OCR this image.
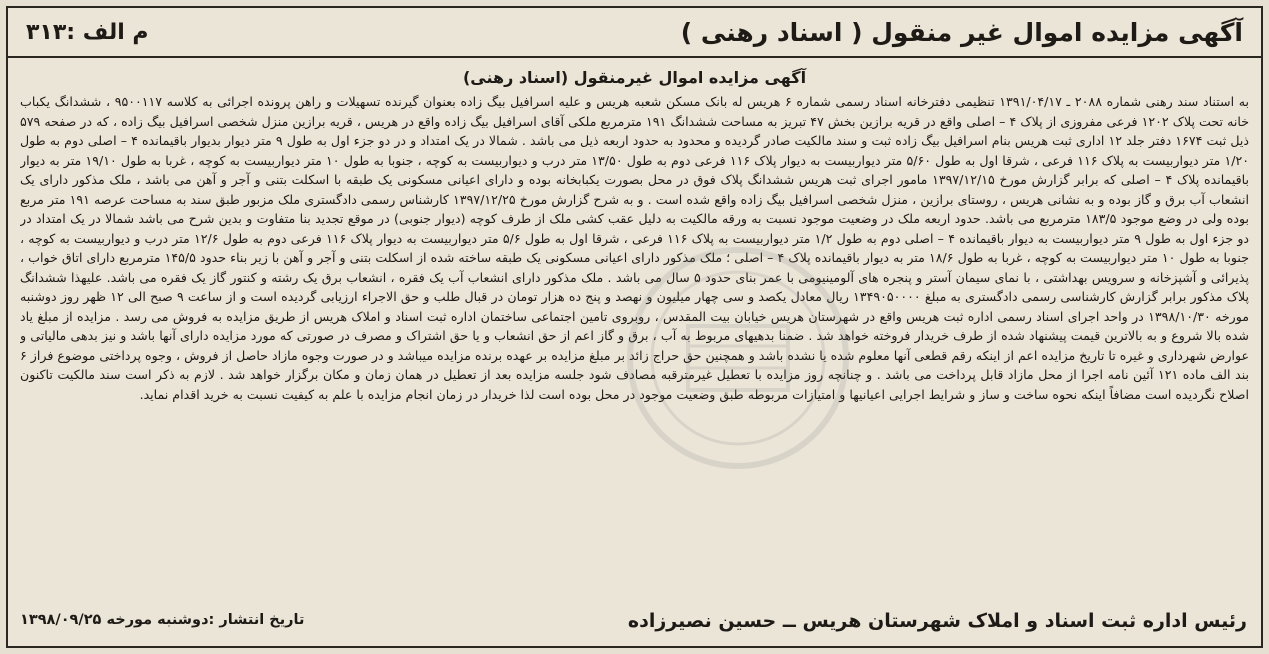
آگهی مزایده اموال غیر منقول ( اسناد رهنی )
م الف :۳۱۳
آگهی مزایده اموال غیرمنقول (اسناد رهنی)
به استناد سند رهنی شماره ۲۰۸۸ ـ ۱۳۹۱/۰۴/۱۷ تنظیمی دفترخانه اسناد رسمی شماره ۶ هریس له بانک مسکن شعبه هریس و علیه اسرافیل بیگ زاده بعنوان گیرنده تسهیلات و راهن پرونده اجرائی به کلاسه ۹۵۰۰۱۱۷ ، ششدانگ یکباب خانه تحت پلاک ۱۲۰۲ فرعی مفروزی از پلاک ۴ – اصلی واقع در قریه برازین بخش ۴۷ تبریز به مساحت ششدانگ ۱۹۱ مترمربع ملکی آقای اسرافیل بیگ زاده واقع در هریس ، قریه برازین منزل شخصی اسرافیل بیگ زاده ، که در صفحه ۵۷۹ ذیل ثبت ۱۶۷۴ دفتر جلد ۱۲ اداری ثبت هریس بنام اسرافیل بیگ زاده ثبت و سند مالکیت صادر گردیده و محدود به حدود اربعه ذیل می باشد . شمالا در یک امتداد و در دو جزء اول به طول ۹ متر دیوار بدیوار باقیمانده ۴ – اصلی دوم به طول ۱/۲۰ متر دیواربیست به پلاک ۱۱۶ فرعی ، شرقا اول به طول ۵/۶۰ متر دیواربیست به دیوار پلاک ۱۱۶ فرعی دوم به طول ۱۳/۵۰ متر درب و دیواربیست به کوچه ، جنوبا به طول ۱۰ متر دیواربیست به کوچه ، غربا به طول ۱۹/۱۰ متر به دیوار باقیمانده پلاک ۴ – اصلی که برابر گزارش مورخ ۱۳۹۷/۱۲/۱۵ مامور اجرای ثبت هریس ششدانگ پلاک فوق در محل بصورت یکبابخانه بوده و دارای اعیانی مسکونی یک طبقه با اسکلت بتنی و آجر و آهن می باشد ، ملک مذکور دارای یک انشعاب آب برق و گاز بوده و به نشانی هریس ، روستای برازین ، منزل شخصی اسرافیل بیگ زاده واقع شده است . و به شرح گزارش مورخ ۱۳۹۷/۱۲/۲۵ کارشناس رسمی دادگستری ملک مزبور طبق سند به مساحت عرصه ۱۹۱ متر مربع بوده ولی در وضع موجود ۱۸۳/۵ مترمربع می باشد. حدود اربعه ملک در وضعیت موجود نسبت به ورقه مالکیت به دلیل عقب کشی ملک از طرف کوچه (دیوار جنوبی) در موقع تجدید بنا متفاوت و بدین شرح می باشد شمالا در یک امتداد در دو جزء اول به طول ۹ متر دیواربیست به دیوار باقیمانده ۴ – اصلی دوم به طول ۱/۲ متر دیواربیست به پلاک ۱۱۶ فرعی ، شرقا اول به طول ۵/۶ متر دیواربیست به دیوار پلاک ۱۱۶ فرعی دوم به طول ۱۲/۶ متر درب و دیواربیست به کوچه ، جنوبا به طول ۱۰ متر دیواربیست به کوچه ، غربا به طول ۱۸/۶ متر به دیوار باقیمانده پلاک ۴ – اصلی ؛ ملک مذکور دارای اعیانی مسکونی یک طبقه ساخته شده از اسکلت بتنی و آجر و آهن با زیر بناء حدود ۱۴۵/۵ مترمربع دارای اتاق خواب ، پذیرائی و آشپزخانه و سرویس بهداشتی ، با نمای سیمان آستر و پنجره های آلومینیومی با عمر بنای حدود ۵ سال می باشد . ملک مذکور دارای انشعاب آب یک فقره ، انشعاب برق یک رشته و کنتور گاز یک فقره می باشد. علیهذا ششدانگ پلاک مذکور برابر گزارش کارشناسی رسمی دادگستری به مبلغ ۱۳۴۹۰۵۰۰۰۰ ریال معادل یکصد و سی چهار میلیون و نهصد و پنج ده هزار تومان در قبال طلب و حق الاجراء ارزیابی گردیده است و از ساعت ۹ صبح الی ۱۲ ظهر روز دوشنبه مورخه ۱۳۹۸/۱۰/۳۰ در واحد اجرای اسناد رسمی اداره ثبت هریس واقع در شهرستان هریس خیابان بیت المقدس ، روبروی تامین اجتماعی ساختمان اداره ثبت اسناد و املاک هریس از طریق مزایده به فروش می رسد . مزایده از مبلغ یاد شده بالا شروع و به بالاترین قیمت پیشنهاد شده از طرف خریدار فروخته خواهد شد . ضمنا بدهیهای مربوط به آب ، برق و گاز اعم از حق انشعاب و یا حق اشتراک و مصرف در صورتی که مورد مزایده دارای آنها باشد و نیز بدهی مالیاتی و عوارض شهرداری و غیره تا تاریخ مزایده اعم از اینکه رقم قطعی آنها معلوم شده یا نشده باشد و همچنین حق حراج زائد بر مبلغ مزایده بر عهده برنده مزایده میباشد و در صورت وجوه مازاد حاصل از فروش ، وجوه پرداختی موضوع فراز ۶ بند الف ماده ۱۲۱ آئین نامه اجرا از محل مازاد قابل پرداخت می باشد . و چنانچه روز مزایده با تعطیل غیرمترقبه مصادف شود جلسه مزایده بعد از تعطیل در همان زمان و مکان برگزار خواهد شد . لازم به ذکر است سند مالکیت تاکنون اصلاح نگردیده است مضافاً اینکه نحوه ساخت و ساز و شرایط اجرایی اعیانیها و امتیازات مربوطه طبق وضعیت موجود در محل بوده است لذا خریدار در زمان انجام مزایده با علم به کیفیت نسبت به خرید اقدام نماید.
تاریخ انتشار :دوشنبه مورخه ۱۳۹۸/۰۹/۲۵	رئیس اداره ثبت اسناد و املاک شهرستان هریس ــ حسین نصیرزاده
